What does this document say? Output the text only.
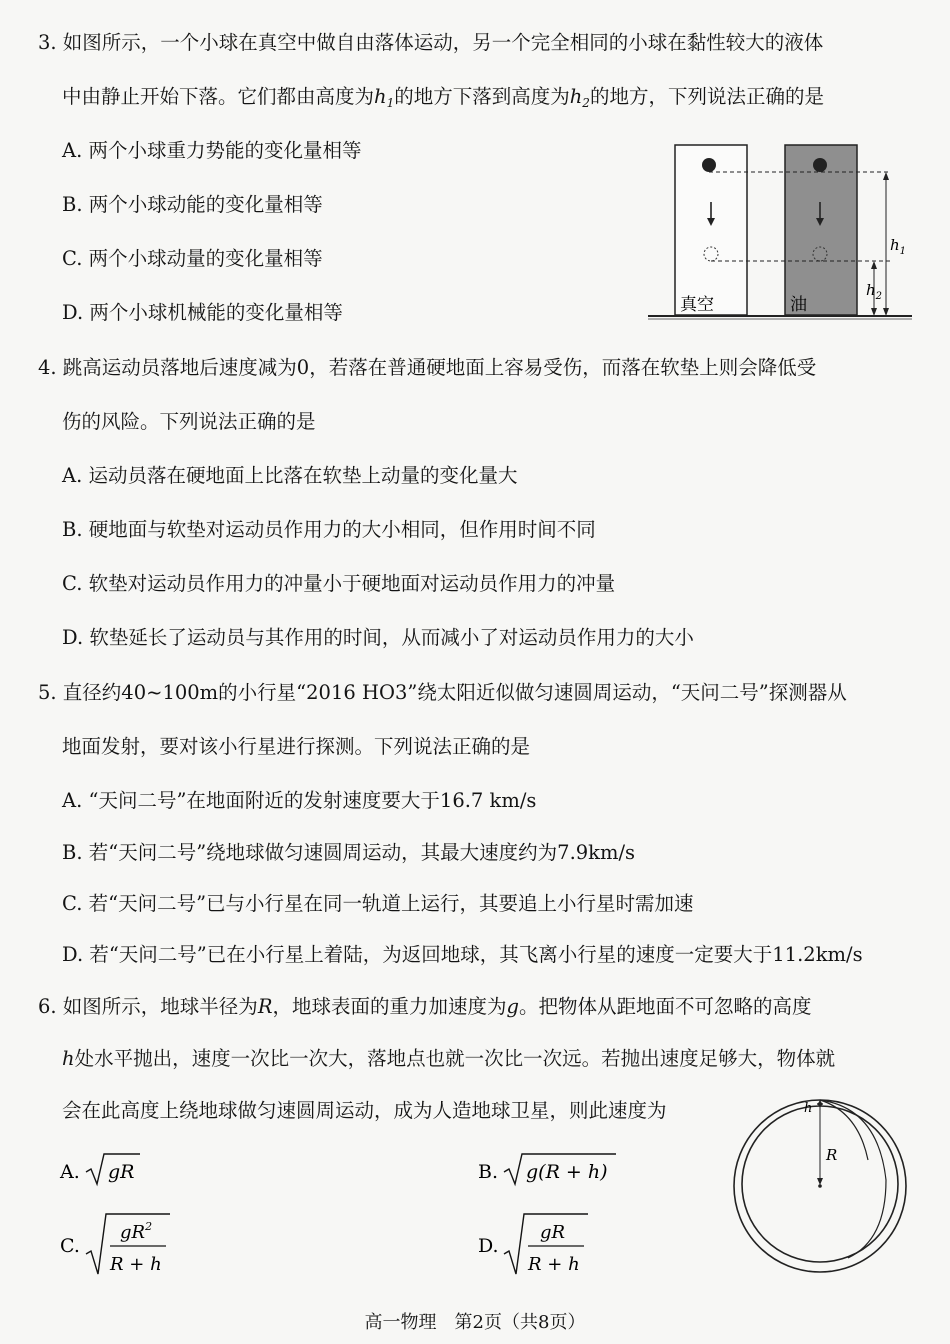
3. 如图所示，一个小球在真空中做自由落体运动，另一个完全相同的小球在黏性较大的液体
中由静止开始下落。它们都由高度为$h_1$的地方下落到高度为$h_2$的地方，下列说法正确的是
A. 两个小球重力势能的变化量相等
B. 两个小球动能的变化量相等
C. 两个小球动量的变化量相等
D. 两个小球机械能的变化量相等
$h_1$
$h_2$
真空	油
4. 跳高运动员落地后速度减为0，若落在普通硬地面上容易受伤，而落在软垫上则会降低受
伤的风险。下列说法正确的是
A. 运动员落在硬地面上比落在软垫上动量的变化量大
B. 硬地面与软垫对运动员作用力的大小相同，但作用时间不同
C. 软垫对运动员作用力的冲量小于硬地面对运动员作用力的冲量
D. 软垫延长了运动员与其作用的时间，从而减小了对运动员作用力的大小
5. 直径约40~100m的小行星“2016 HO3”绕太阳近似做匀速圆周运动，“天问二号”探测器从
地面发射，要对该小行星进行探测。下列说法正确的是
A. “天问二号”在地面附近的发射速度要大于16.7 km/s
B. 若“天问二号”绕地球做匀速圆周运动，其最大速度约为7.9km/s
C. 若“天问二号”已与小行星在同一轨道上运行，其要追上小行星时需加速
D. 若“天问二号”已在小行星上着陆，为返回地球，其飞离小行星的速度一定要大于11.2km/s
6. 如图所示，地球半径为R，地球表面的重力加速度为g。把物体从距地面不可忽略的高度
h处水平抛出，速度一次比一次大，落地点也就一次比一次远。若抛出速度足够大，物体就
会在此高度上绕地球做匀速圆周运动，成为人造地球卫星，则此速度为
A. gR	B. g(R + h)
C.
$gR^2$
R + h
D.
gR
R + h
h
R
高一物理　第2页（共8页）
